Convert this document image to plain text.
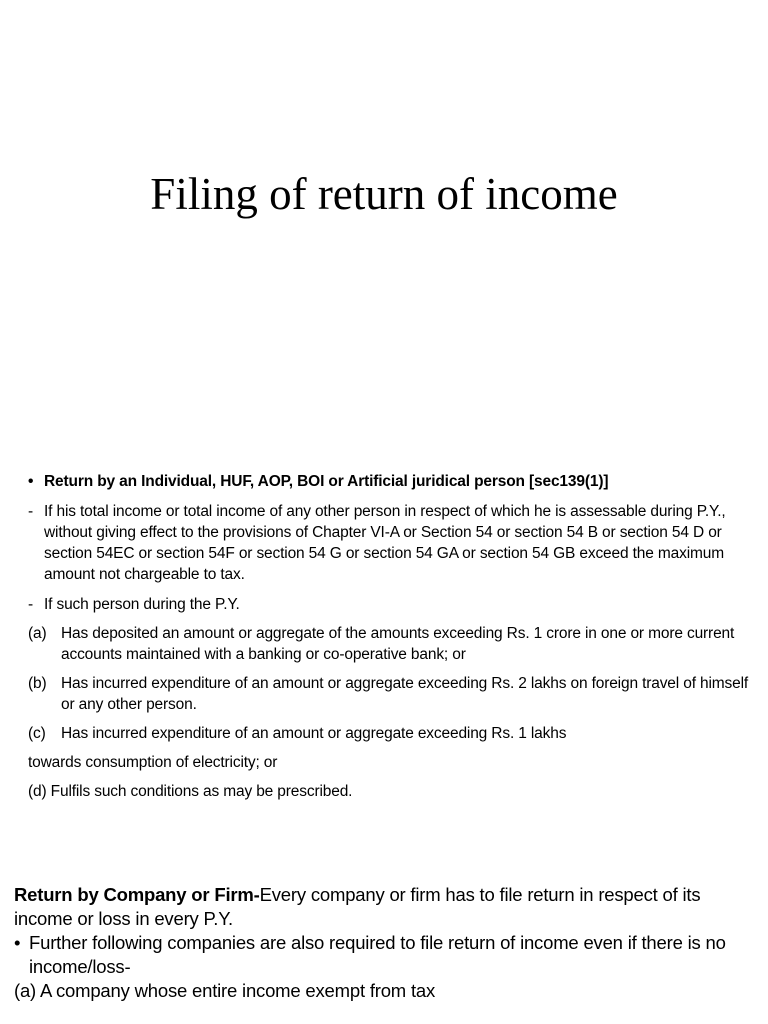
Filing of return of income
• Return by an Individual, HUF, AOP, BOI or Artificial juridical person [sec139(1)]
- If his total income or total income of any other person in respect of which he is assessable during P.Y., without giving effect to the provisions of Chapter VI-A or Section 54 or section 54 B or section 54 D or section 54EC or section 54F or section 54 G or section 54 GA or section 54 GB exceed the maximum amount not chargeable to tax.
- If such person during the P.Y.
(a) Has deposited an amount or aggregate of the amounts exceeding Rs. 1 crore in one or more current accounts maintained with a banking or co-operative bank; or
(b) Has incurred expenditure of an amount or aggregate exceeding Rs. 2 lakhs on foreign travel of himself or any other person.
(c) Has incurred expenditure of an amount or aggregate exceeding Rs. 1 lakhs
towards consumption of electricity; or
(d) Fulfils such conditions as may be prescribed.
Return by Company or Firm-Every company or firm has to file return in respect of its income or loss in every P.Y.
• Further following companies are also required to file return of income even if there is no income/loss-
(a) A company whose entire income exempt from tax
